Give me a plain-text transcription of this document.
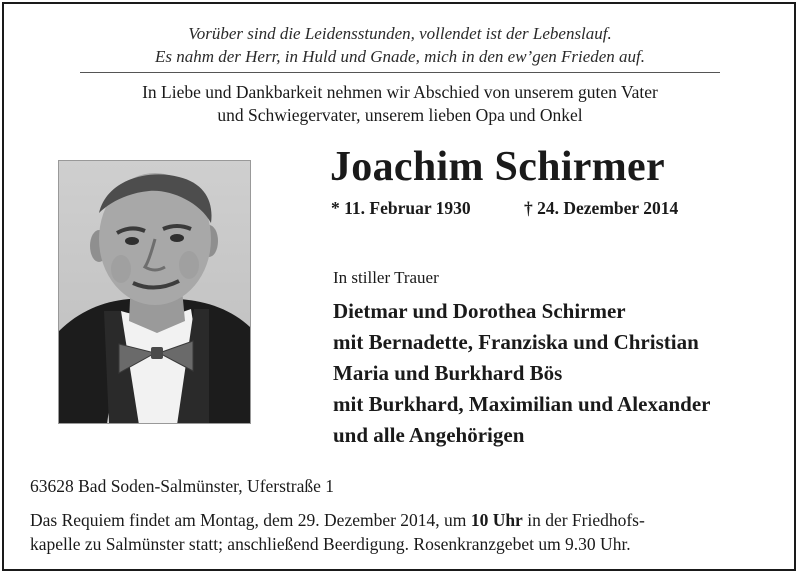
Vorüber sind die Leidensstunden, vollendet ist der Lebenslauf.
Es nahm der Herr, in Huld und Gnade, mich in den ew’gen Frieden auf.
In Liebe und Dankbarkeit nehmen wir Abschied von unserem guten Vater
und Schwiegervater, unserem lieben Opa und Onkel
Joachim Schirmer
* 11. Februar 1930	† 24. Dezember 2014
In stiller Trauer
Dietmar und Dorothea Schirmer
mit Bernadette, Franziska und Christian
Maria und Burkhard Bös
mit Burkhard, Maximilian und Alexander
und alle Angehörigen
63628 Bad Soden-Salmünster, Uferstraße 1
Das Requiem findet am Montag, dem 29. Dezember 2014, um 10 Uhr in der Friedhofs-
kapelle zu Salmünster statt; anschließend Beerdigung. Rosenkranzgebet um 9.30 Uhr.
